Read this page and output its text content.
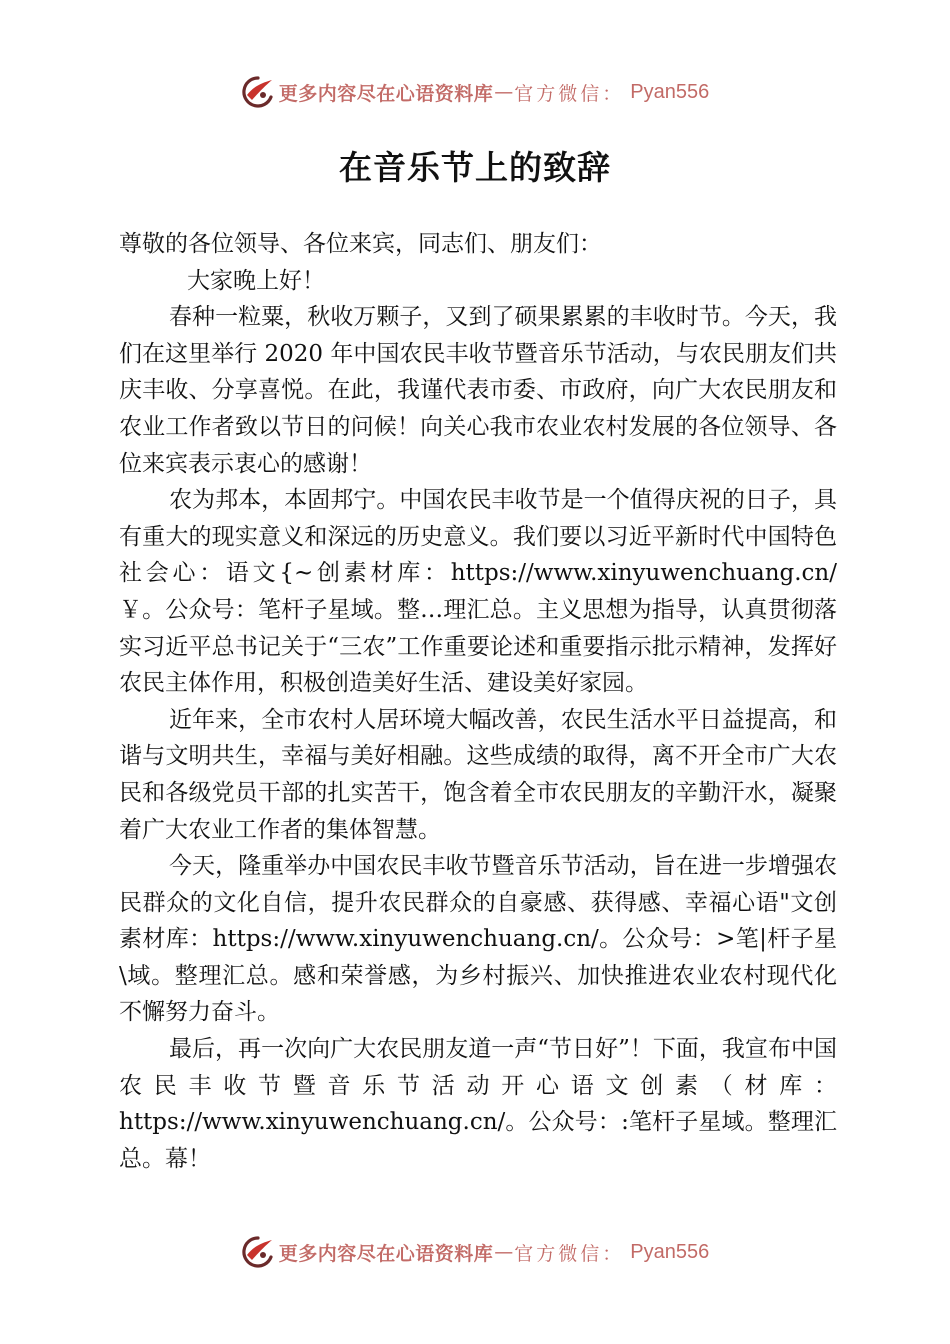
更多内容尽在心语资料库 — 官方微信： Pyan556
在音乐节上的致辞

尊敬的各位领导、各位来宾，同志们、朋友们：

大家晚上好！

春种一粒粟，秋收万颗子，又到了硕果累累的丰收时节。今天，我们在这里举行 2020 年中国农民丰收节暨音乐节活动，与农民朋友们共庆丰收、分享喜悦。在此，我谨代表市委、市政府，向广大农民朋友和农业工作者致以节日的问候！向关心我市农业农村发展的各位领导、各位来宾表示衷心的感谢！

农为邦本，本固邦宁。中国农民丰收节是一个值得庆祝的日子，具有重大的现实意义和深远的历史意义。我们要以习近平新时代中国特色社会心：语文{~创素材库：https://www.xinyuwenchuang.cn/￥。公众号：笔杆子星域。整…理汇总。主义思想为指导，认真贯彻落实习近平总书记关于“三农”工作重要论述和重要指示批示精神，发挥好农民主体作用，积极创造美好生活、建设美好家园。

近年来，全市农村人居环境大幅改善，农民生活水平日益提高，和谐与文明共生，幸福与美好相融。这些成绩的取得，离不开全市广大农民和各级党员干部的扎实苦干，饱含着全市农民朋友的辛勤汗水，凝聚着广大农业工作者的集体智慧。

今天，隆重举办中国农民丰收节暨音乐节活动，旨在进一步增强农民群众的文化自信，提升农民群众的自豪感、获得感、幸福心语"文创素材库：https://www.xinyuwenchuang.cn/。公众号：>笔|杆子星\域。整理汇总。感和荣誉感，为乡村振兴、加快推进农业农村现代化不懈努力奋斗。

最后，再一次向广大农民朋友道一声“节日好”！下面，我宣布中国农民丰收节暨音乐节活动开心语文创素（材库：https://www.xinyuwenchuang.cn/。公众号：:笔杆子星域。整理汇总。幕！

更多内容尽在心语资料库 — 官方微信： Pyan556
